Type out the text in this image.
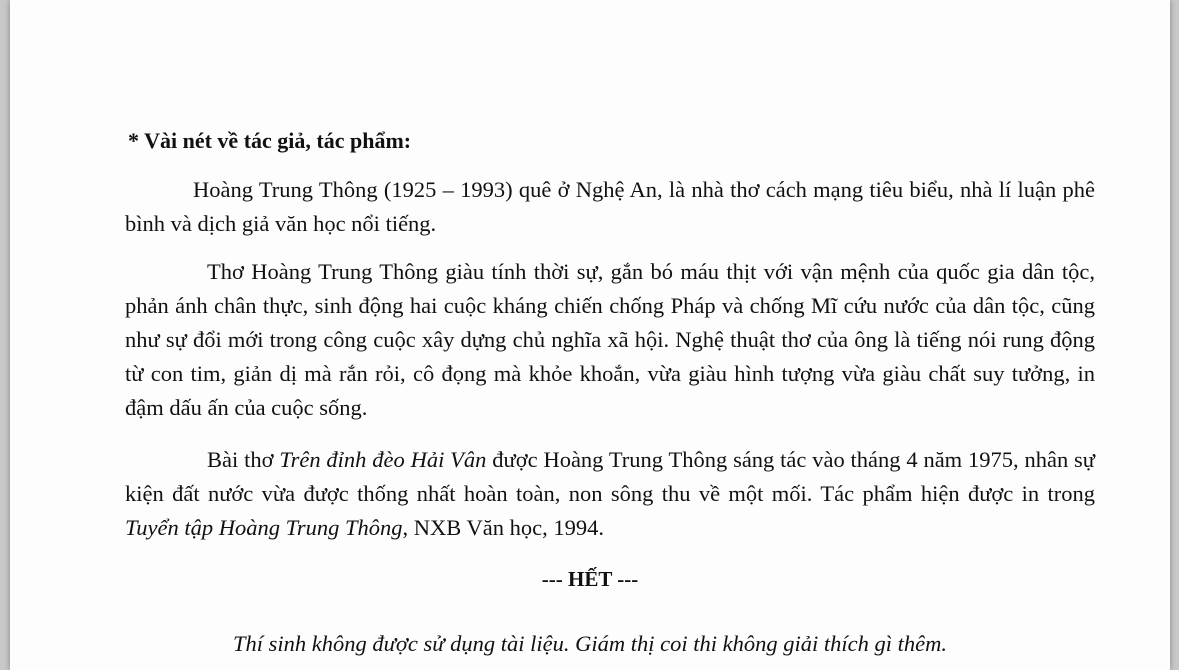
* Vài nét về tác giả, tác phẩm:
Hoàng Trung Thông (1925 – 1993) quê ở Nghệ An, là nhà thơ cách mạng tiêu biểu, nhà lí luận phê bình và dịch giả văn học nổi tiếng.
Thơ Hoàng Trung Thông giàu tính thời sự, gắn bó máu thịt với vận mệnh của quốc gia dân tộc, phản ánh chân thực, sinh động hai cuộc kháng chiến chống Pháp và chống Mĩ cứu nước của dân tộc, cũng như sự đổi mới trong công cuộc xây dựng chủ nghĩa xã hội. Nghệ thuật thơ của ông là tiếng nói rung động từ con tim, giản dị mà rắn rỏi, cô đọng mà khỏe khoắn, vừa giàu hình tượng vừa giàu chất suy tưởng, in đậm dấu ấn của cuộc sống.
Bài thơ Trên đỉnh đèo Hải Vân được Hoàng Trung Thông sáng tác vào tháng 4 năm 1975, nhân sự kiện đất nước vừa được thống nhất hoàn toàn, non sông thu về một mối. Tác phẩm hiện được in trong Tuyển tập Hoàng Trung Thông, NXB Văn học, 1994.
--- HẾT ---
Thí sinh không được sử dụng tài liệu. Giám thị coi thi không giải thích gì thêm.
